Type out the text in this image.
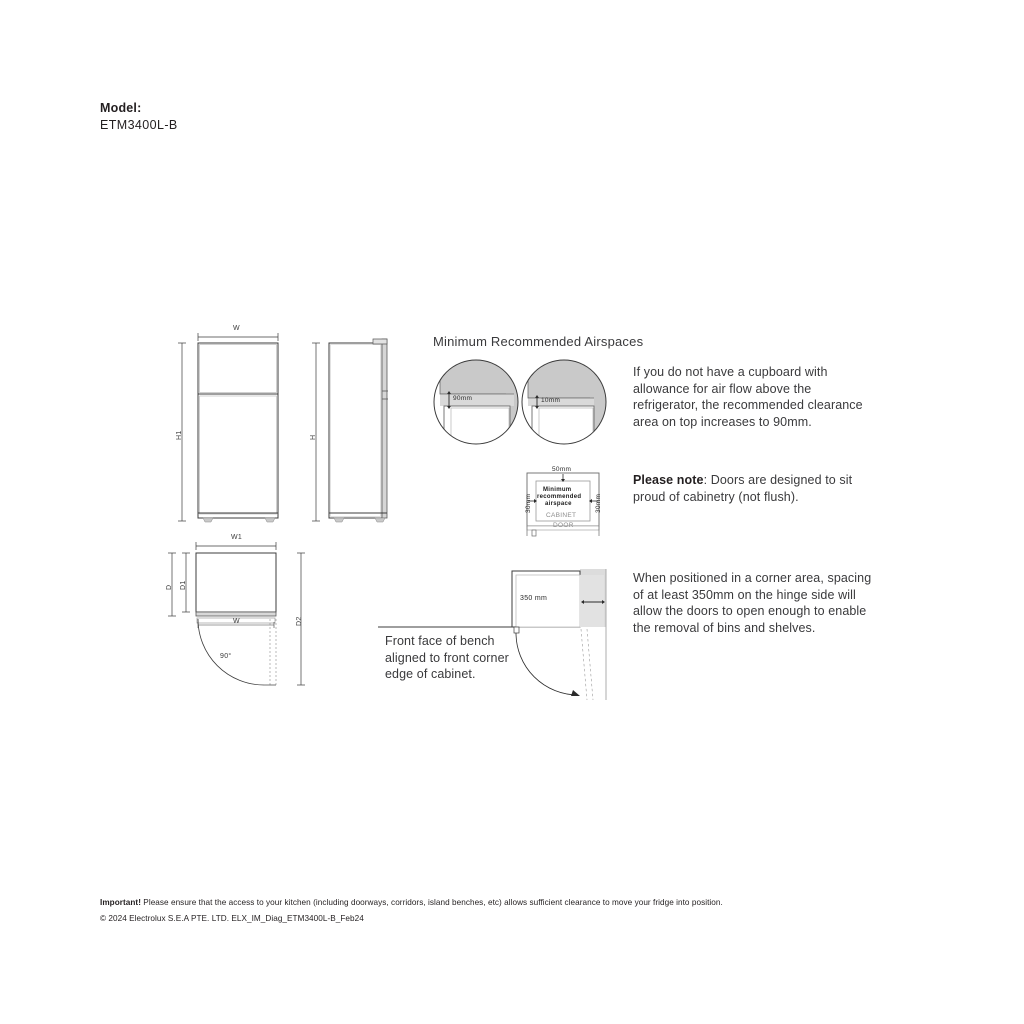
Model:
ETM3400L-B
W
H1	H
W1
D D1
D2
W
90°
Minimum Recommended Airspaces
90mm	10mm
If you do not have a cupboard with allowance for air flow above the refrigerator, the recommended clearance area on top increases to 90mm.
50mm
30mm	30mm
Minimum
recommended
airspace
CABINET
DOOR
Please note: Doors are designed to sit proud of cabinetry (not flush).
350 mm
Front face of bench aligned to front corner edge of cabinet.
When positioned in a corner area, spacing of at least 350mm on the hinge side will allow the doors to open enough to enable the removal of bins and shelves.
Important! Please ensure that the access to your kitchen (including doorways, corridors, island benches, etc) allows sufficient clearance to move your fridge into position.
© 2024 Electrolux S.E.A PTE. LTD. ELX_IM_Diag_ETM3400L-B_Feb24
